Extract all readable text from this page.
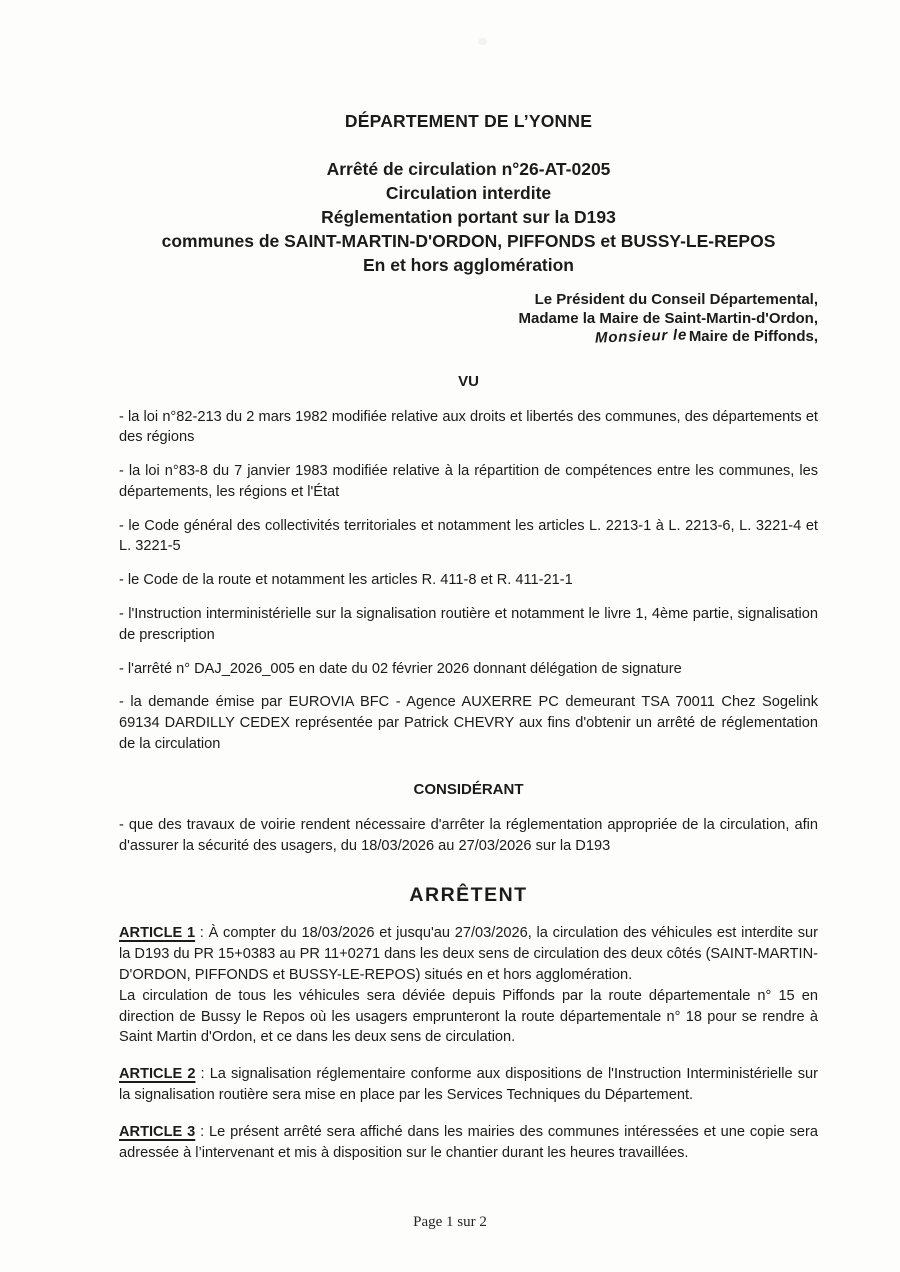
DÉPARTEMENT DE L’YONNE
Arrêté de circulation n°26-AT-0205
Circulation interdite
Réglementation portant sur la D193
communes de SAINT-MARTIN-D'ORDON, PIFFONDS et BUSSY-LE-REPOS
En et hors agglomération
Le Président du Conseil Départemental,
Madame la Maire de Saint-Martin-d'Ordon,
Monsieur le Maire de Piffonds,
VU

- la loi n°82-213 du 2 mars 1982 modifiée relative aux droits et libertés des communes, des départements et des régions

- la loi n°83-8 du 7 janvier 1983 modifiée relative à la répartition de compétences entre les communes, les départements, les régions et l'État

- le Code général des collectivités territoriales et notamment les articles L. 2213-1 à L. 2213-6, L. 3221-4 et L. 3221-5

- le Code de la route et notamment les articles R. 411-8 et R. 411-21-1

- l'Instruction interministérielle sur la signalisation routière et notamment le livre 1, 4ème partie, signalisation de prescription

- l'arrêté n° DAJ_2026_005 en date du 02 février 2026 donnant délégation de signature

- la demande émise par EUROVIA BFC - Agence AUXERRE PC demeurant TSA 70011 Chez Sogelink 69134 DARDILLY CEDEX représentée par Patrick CHEVRY aux fins d'obtenir un arrêté de réglementation de la circulation

CONSIDÉRANT

- que des travaux de voirie rendent nécessaire d'arrêter la réglementation appropriée de la circulation, afin d'assurer la sécurité des usagers, du 18/03/2026 au 27/03/2026 sur la D193

ARRÊTENT

ARTICLE 1 : À compter du 18/03/2026 et jusqu'au 27/03/2026, la circulation des véhicules est interdite sur la D193 du PR 15+0383 au PR 11+0271 dans les deux sens de circulation des deux côtés (SAINT-MARTIN-D'ORDON, PIFFONDS et BUSSY-LE-REPOS) situés en et hors agglomération.
La circulation de tous les véhicules sera déviée depuis Piffonds par la route départementale n° 15 en direction de Bussy le Repos où les usagers emprunteront la route départementale n° 18 pour se rendre à Saint Martin d'Ordon, et ce dans les deux sens de circulation.

ARTICLE 2 : La signalisation réglementaire conforme aux dispositions de l'Instruction Interministérielle sur la signalisation routière sera mise en place par les Services Techniques du Département.

ARTICLE 3 : Le présent arrêté sera affiché dans les mairies des communes intéressées et une copie sera adressée à l’intervenant et mis à disposition sur le chantier durant les heures travaillées.

Page 1 sur 2
